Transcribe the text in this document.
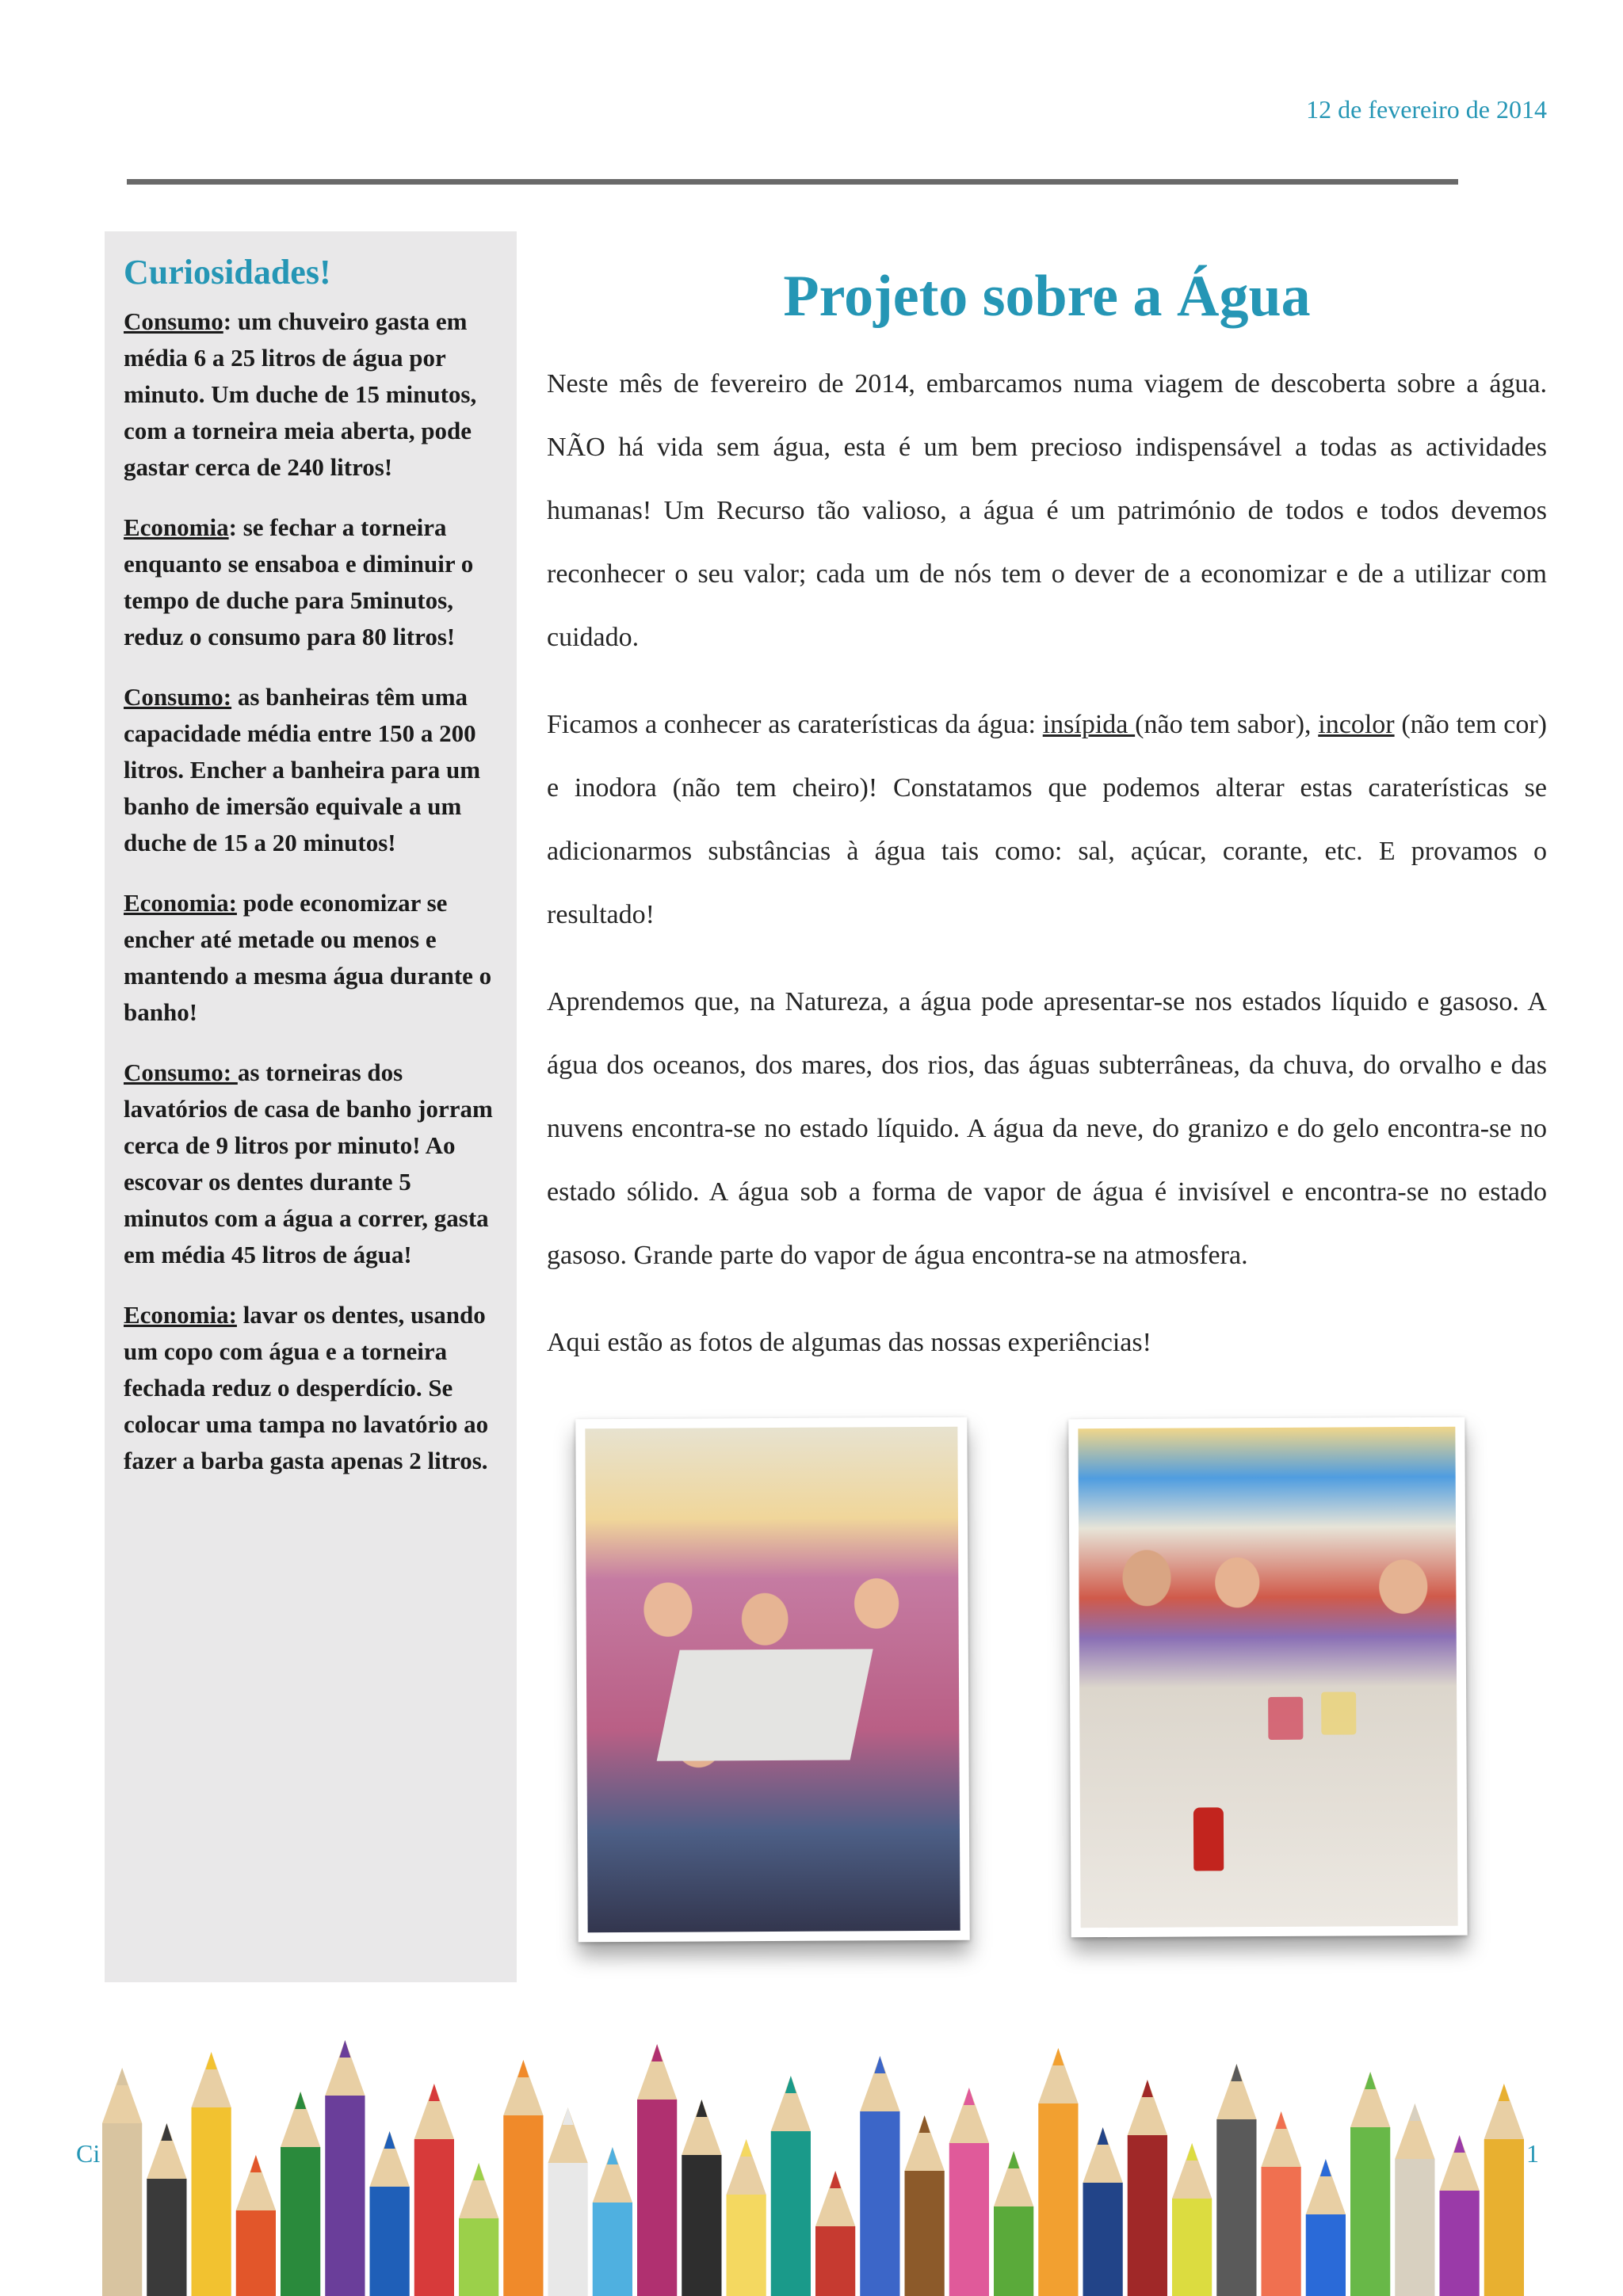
12 de fevereiro de 2014
Curiosidades!

Consumo: um chuveiro gasta em média 6 a 25 litros de água por minuto. Um duche de 15 minutos, com a torneira meia aberta, pode gastar cerca de 240 litros!

Economia: se fechar a torneira enquanto se ensaboa e diminuir o tempo de duche para 5minutos, reduz o consumo para 80 litros!

Consumo: as banheiras têm uma capacidade média entre 150 a 200 litros. Encher a banheira para um banho de imersão equivale a um duche de 15 a 20 minutos!

Economia: pode economizar se encher até metade ou menos e mantendo a mesma água durante o banho!

Consumo: as torneiras dos lavatórios de casa de banho jorram cerca de 9 litros por minuto! Ao escovar os dentes durante 5 minutos com a água a correr, gasta em média 45 litros de água!

Economia: lavar os dentes, usando um copo com água e a torneira fechada reduz o desperdício. Se colocar uma tampa no lavatório ao fazer a barba gasta apenas 2 litros.

Projeto sobre a Água

Neste mês de fevereiro de 2014, embarcamos numa viagem de descoberta sobre a água. NÃO há vida sem água, esta é um bem precioso indispensável a todas as actividades humanas! Um Recurso tão valioso, a água é um património de todos e todos devemos reconhecer o seu valor; cada um de nós tem o dever de a economizar e de a utilizar com cuidado.

Ficamos a conhecer as caraterísticas da água: insípida (não tem sabor), incolor (não tem cor) e inodora (não tem cheiro)! Constatamos que podemos alterar estas caraterísticas se adicionarmos substâncias à água tais como: sal, açúcar, corante, etc. E provamos o resultado!

Aprendemos que, na Natureza, a água pode apresentar-se nos estados líquido e gasoso. A água dos oceanos, dos mares, dos rios, das águas subterrâneas, da chuva, do orvalho e das nuvens encontra-se no estado líquido. A água da neve, do granizo e do gelo encontra-se no estado sólido. A água sob a forma de vapor de água é invisível e encontra-se no estado gasoso. Grande parte do vapor de água encontra-se na atmosfera.

Aqui estão as fotos de algumas das nossas experiências!

Ci	1
